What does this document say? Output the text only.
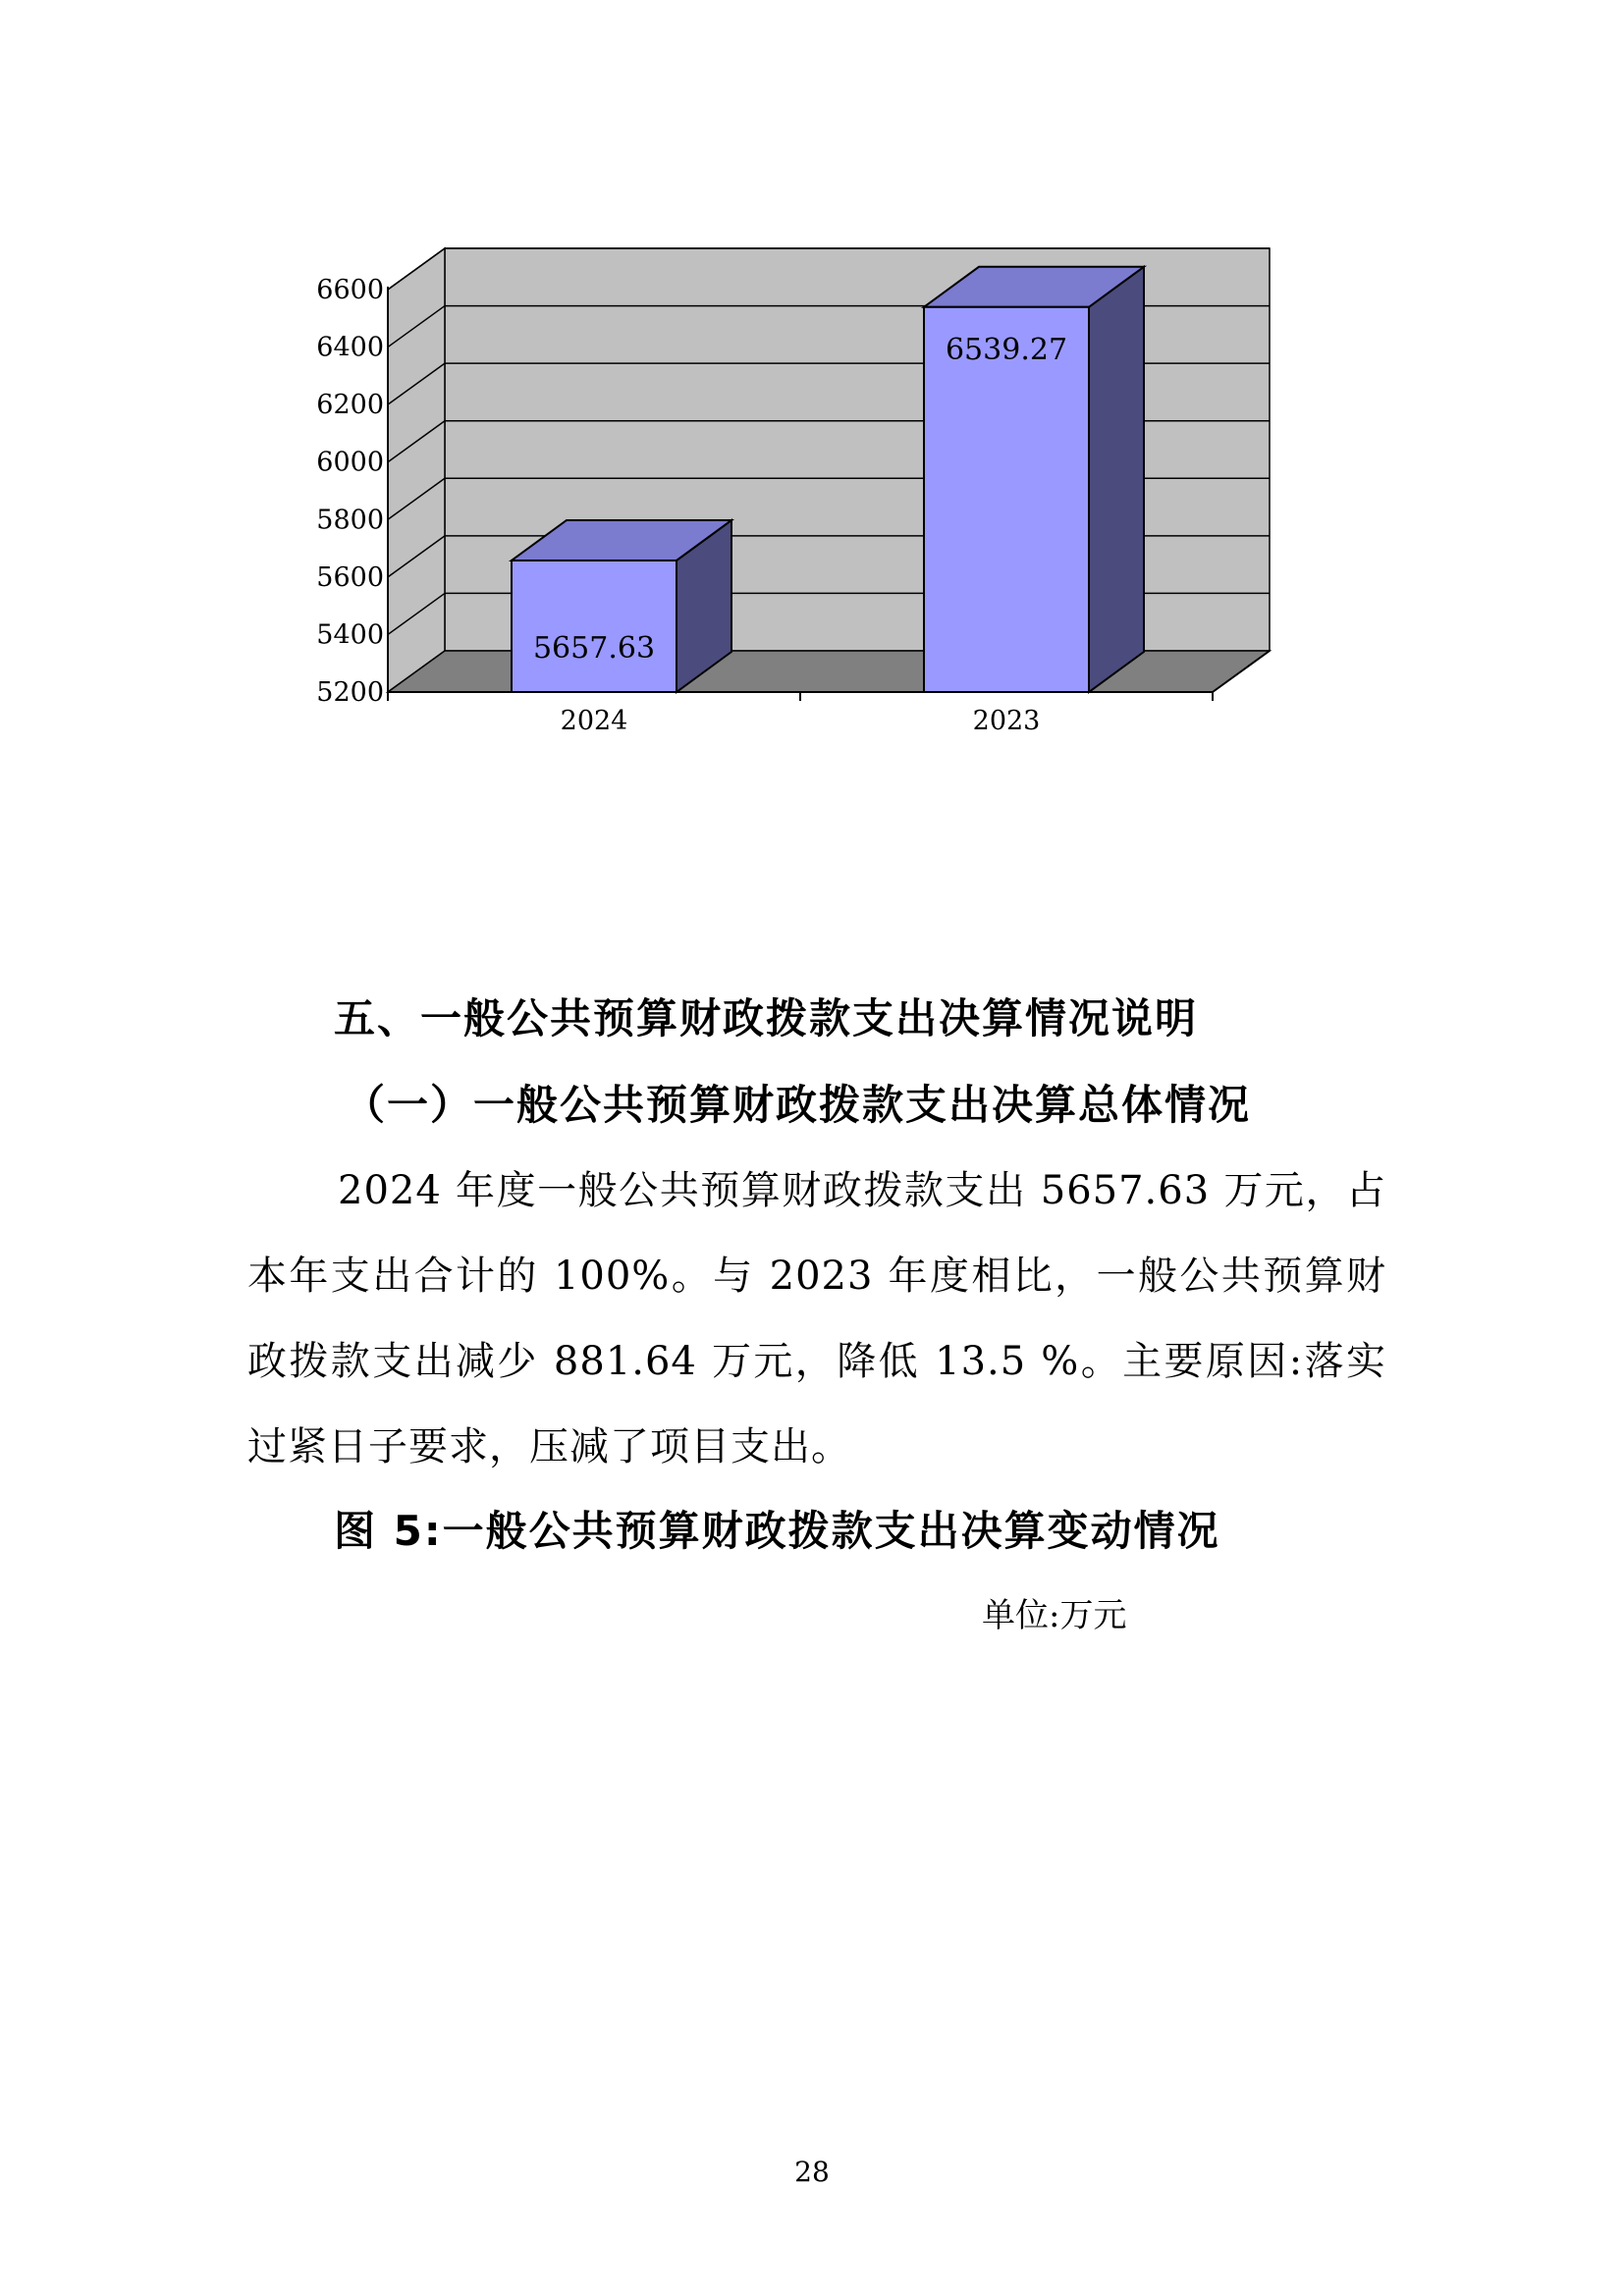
5657.63
6539.27
5200
5400
5600
5800
6000
6200
6400
6600
2024	2023
五、一般公共预算财政拨款支出决算情况说明
（一）一般公共预算财政拨款支出决算总体情况
2024 年度一般公共预算财政拨款支出 5657.63 万元，占本年支出合计的 100%。与 2023 年度相比，一般公共预算财政拨款支出减少 881.64 万元，降低 13.5 %。主要原因:落实过紧日子要求，压减了项目支出。
图 5:一般公共预算财政拨款支出决算变动情况
单位:万元
28
